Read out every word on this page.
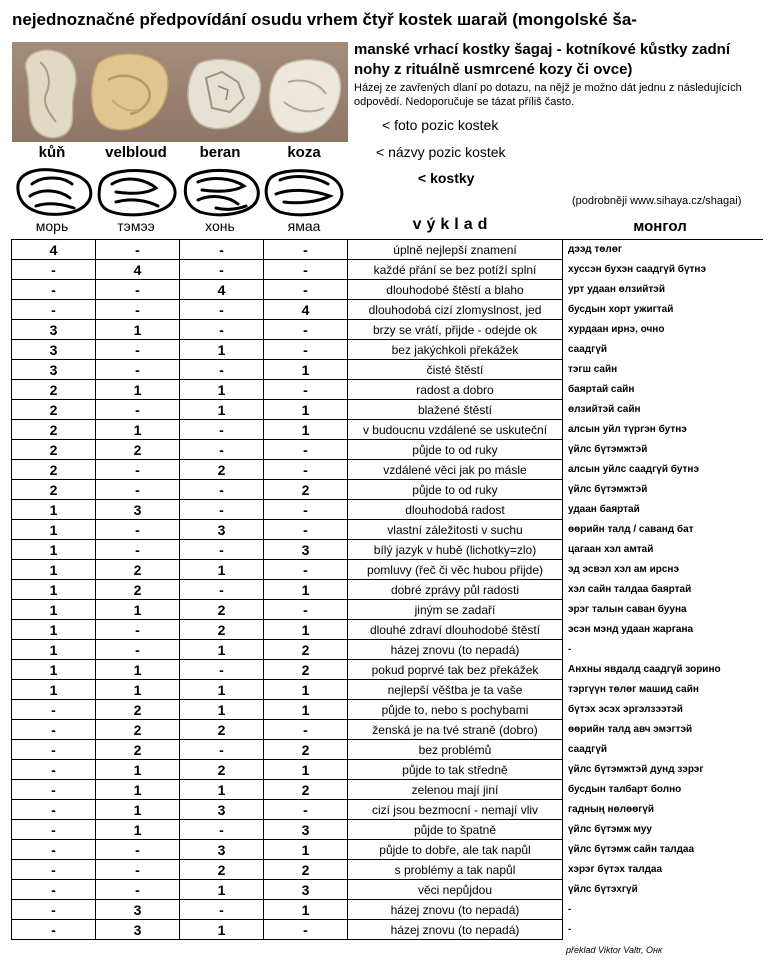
nejednoznačné předpovídání osudu vrhem čtyř kostek шагай (mongolské ša-
manské vrhací kostky šagaj - kotníkové kůstky zadní nohy z rituálně usmrcené kozy či ovce)
Házej ze zavřených dlaní po dotazu, na nějž je možno dát jednu z následujících odpovědí. Nedoporučuje se tázat příliš často.
< foto pozic kostek
< názvy pozic kostek
< kostky
kůň	velbloud beran	koza
(podrobněji www.sihaya.cz/shagai)
морь	тэмээ	хонь	ямаа	výklad	монгол
4	-	-	-	úplně nejlepší znamení	дээд төлөг
-	4	-	-	každé přání se bez potíží splní	хуссэн бухэн саадгүй бүтнэ
-	-	4	-	dlouhodobé štěstí a blaho	урт удаан өлзийтэй
-	-	-	4	dlouhodobá cizí zlomyslnost, jed	бусдын хорт ужигтай
3	1	-	-	brzy se vrátí, přijde - odejde ok	хурдаан ирнэ, очно
3	-	1	-	bez jakýchkoli překážek	саадгүй
3	-	-	1	čisté štěstí	тэгш сайн
2	1	1	-	radost a dobro	баяртай сайн
2	-	1	1	blažené štěstí	өлзийтэй сайн
2	1	-	1	v budoucnu vzdálené se uskuteční	алсын уйл түргэн бутнэ
2	2	-	-	půjde to od ruky	үйлс бүтэмжтэй
2	-	2	-	vzdálené věci jak po másle	алсын уйлс саадгүй бутнэ
2	-	-	2	půjde to od ruky	үйлс бүтэмжтэй
1	3	-	-	dlouhodobá radost	удаан баяртай
1	-	3	-	vlastní záležitosti v suchu	өөрийн талд / саванд бат
1	-	-	3	bílý jazyk v hubě (lichotky=zlo)	цагаан хэл амтай
1	2	1	-	pomluvy (řeč či věc hubou přijde)	эд эсвэл хэл ам ирснэ
1	2	-	1	dobré zprávy půl radosti	хэл сайн талдаа баяртай
1	1	2	-	jiným se zadaří	эрэг талын саван бууна
1	-	2	1	dlouhé zdraví dlouhodobé štěstí	эсэн мэнд удаан жаргана
1	-	1	2	házej znovu (to nepadá)	-
1	1	-	2	pokud poprvé tak bez překážek	Анхны явдалд саадгүй зорино
1	1	1	1	nejlepší věštba je ta vaše	тэргүүн төлөг машид сайн
-	2	1	1	půjde to, nebo s pochybami	бүтэх эсэх эргэлзээтэй
-	2	2	-	ženská je na tvé straně (dobro)	өөрийн талд авч эмэгтэй
-	2	-	2	bez problémů	саадгүй
-	1	2	1	půjde to tak středně	үйлс бүтэмжтэй дунд зэрэг
-	1	1	2	zelenou mají jiní	бусдын талбарт болно
-	1	3	-	cizí jsou bezmocní - nemají vliv	гадның нөлөөгүй
-	1	-	3	půjde to špatně	үйлс бүтэмж муу
-	-	3	1	půjde to dobře, ale tak napůl	үйлс бүтэмж сайн талдаа
-	-	2	2	s problémy a tak napůl	хэрэг бүтэх талдаа
-	-	1	3	věci nepůjdou	үйлс бүтэхгүй
-	3	-	1	házej znovu (to nepadá)	-
-	3	1	-	házej znovu (to nepadá)	-
překlad Viktor Valtr, Онк
